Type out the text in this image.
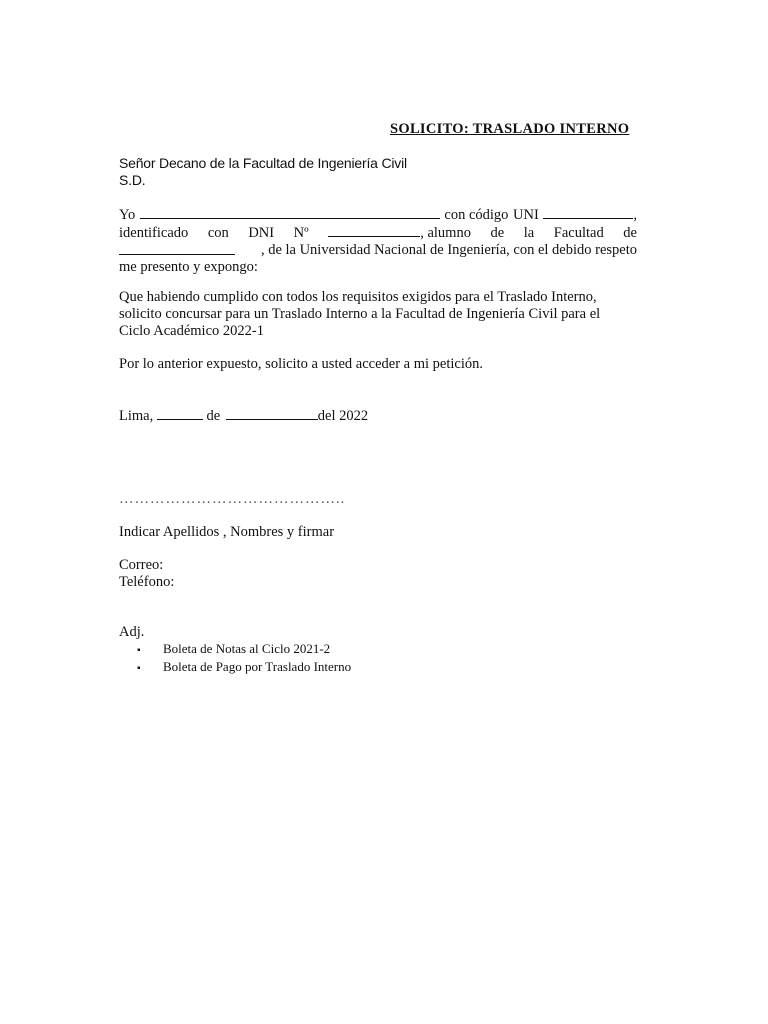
SOLICITO: TRASLADO INTERNO
Señor Decano de la Facultad de Ingeniería Civil
S.D.
Yo	con código UNI	,
identificado con DNI Nº	, alumno de la Facultad de
, de la Universidad Nacional de Ingeniería, con el debido respeto
me presento y expongo:
Que habiendo cumplido con todos los requisitos exigidos para el Traslado Interno,
solicito concursar para un Traslado Interno a la Facultad de Ingeniería Civil para el
Ciclo Académico 2022-1
Por lo anterior expuesto, solicito a usted acceder a mi petición.
Lima,	de	del 2022
……………………………………..
Indicar Apellidos , Nombres y firmar
Correo:
Teléfono:
Adj.
▪	Boleta de Notas al Ciclo 2021-2
▪	Boleta de Pago por Traslado Interno
